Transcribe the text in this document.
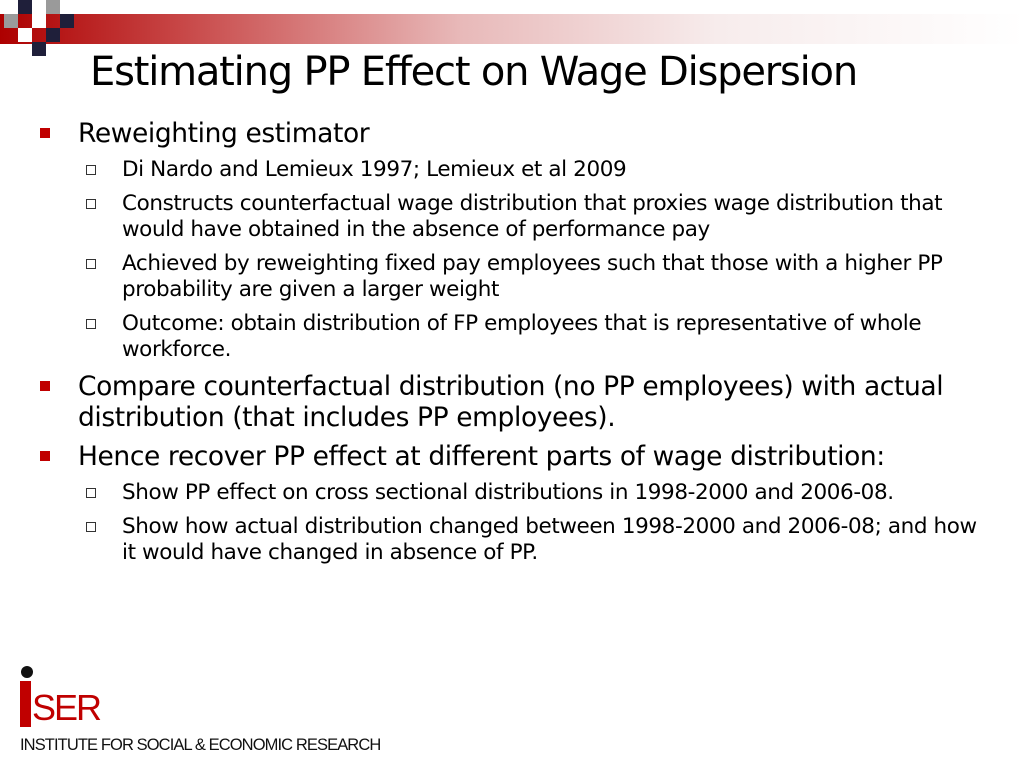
Estimating PP Effect on Wage Dispersion
Reweighting estimator
Di Nardo and Lemieux 1997; Lemieux et al 2009
Constructs counterfactual wage distribution that proxies wage distribution that would have obtained in the absence of performance pay
Achieved by reweighting fixed pay employees such that those with a higher PP probability are given a larger weight
Outcome: obtain distribution of FP employees that is representative of whole workforce.
Compare counterfactual distribution (no PP employees) with actual distribution (that includes PP employees).
Hence recover PP effect at different parts of wage distribution:
Show PP effect on cross sectional distributions in 1998-2000 and 2006-08.
Show how actual distribution changed between 1998-2000 and 2006-08; and how it would have changed in absence of PP.
SER
INSTITUTE FOR SOCIAL & ECONOMIC RESEARCH
